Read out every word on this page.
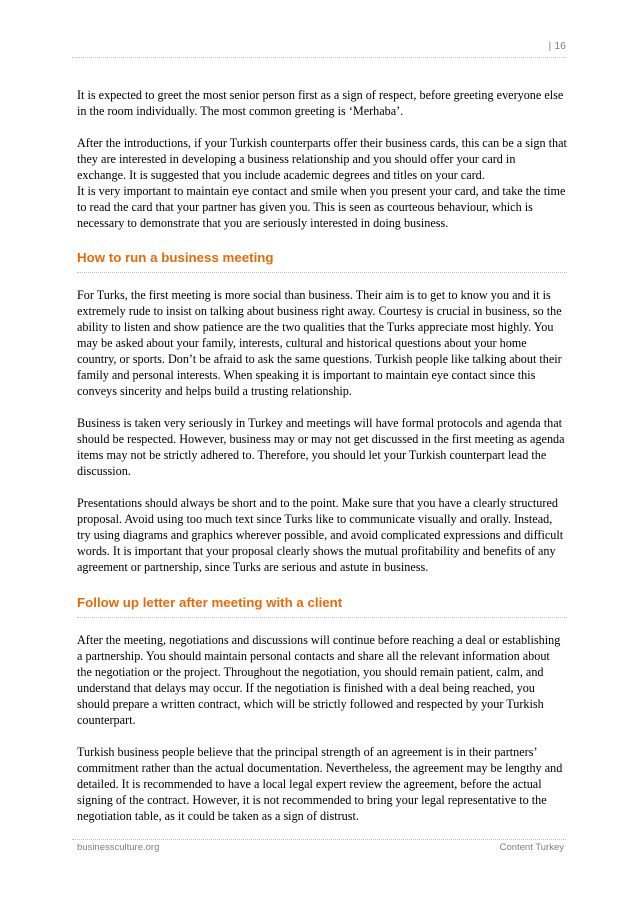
| 16

It is expected to greet the most senior person first as a sign of respect, before greeting everyone else in the room individually. The most common greeting is ‘Merhaba’.

After the introductions, if your Turkish counterparts offer their business cards, this can be a sign that they are interested in developing a business relationship and you should offer your card in exchange. It is suggested that you include academic degrees and titles on your card.
It is very important to maintain eye contact and smile when you present your card, and take the time to read the card that your partner has given you. This is seen as courteous behaviour, which is necessary to demonstrate that you are seriously interested in doing business.

How to run a business meeting

For Turks, the first meeting is more social than business. Their aim is to get to know you and it is extremely rude to insist on talking about business right away. Courtesy is crucial in business, so the ability to listen and show patience are the two qualities that the Turks appreciate most highly. You may be asked about your family, interests, cultural and historical questions about your home country, or sports. Don’t be afraid to ask the same questions. Turkish people like talking about their family and personal interests. When speaking it is important to maintain eye contact since this conveys sincerity and helps build a trusting relationship.

Business is taken very seriously in Turkey and meetings will have formal protocols and agenda that should be respected. However, business may or may not get discussed in the first meeting as agenda items may not be strictly adhered to. Therefore, you should let your Turkish counterpart lead the discussion.

Presentations should always be short and to the point. Make sure that you have a clearly structured proposal. Avoid using too much text since Turks like to communicate visually and orally. Instead, try using diagrams and graphics wherever possible, and avoid complicated expressions and difficult words. It is important that your proposal clearly shows the mutual profitability and benefits of any agreement or partnership, since Turks are serious and astute in business.

Follow up letter after meeting with a client

After the meeting, negotiations and discussions will continue before reaching a deal or establishing a partnership. You should maintain personal contacts and share all the relevant information about the negotiation or the project. Throughout the negotiation, you should remain patient, calm, and understand that delays may occur. If the negotiation is finished with a deal being reached, you should prepare a written contract, which will be strictly followed and respected by your Turkish counterpart.

Turkish business people believe that the principal strength of an agreement is in their partners’ commitment rather than the actual documentation. Nevertheless, the agreement may be lengthy and detailed. It is recommended to have a local legal expert review the agreement, before the actual signing of the contract. However, it is not recommended to bring your legal representative to the negotiation table, as it could be taken as a sign of distrust.

businessculture.org	Content Turkey
